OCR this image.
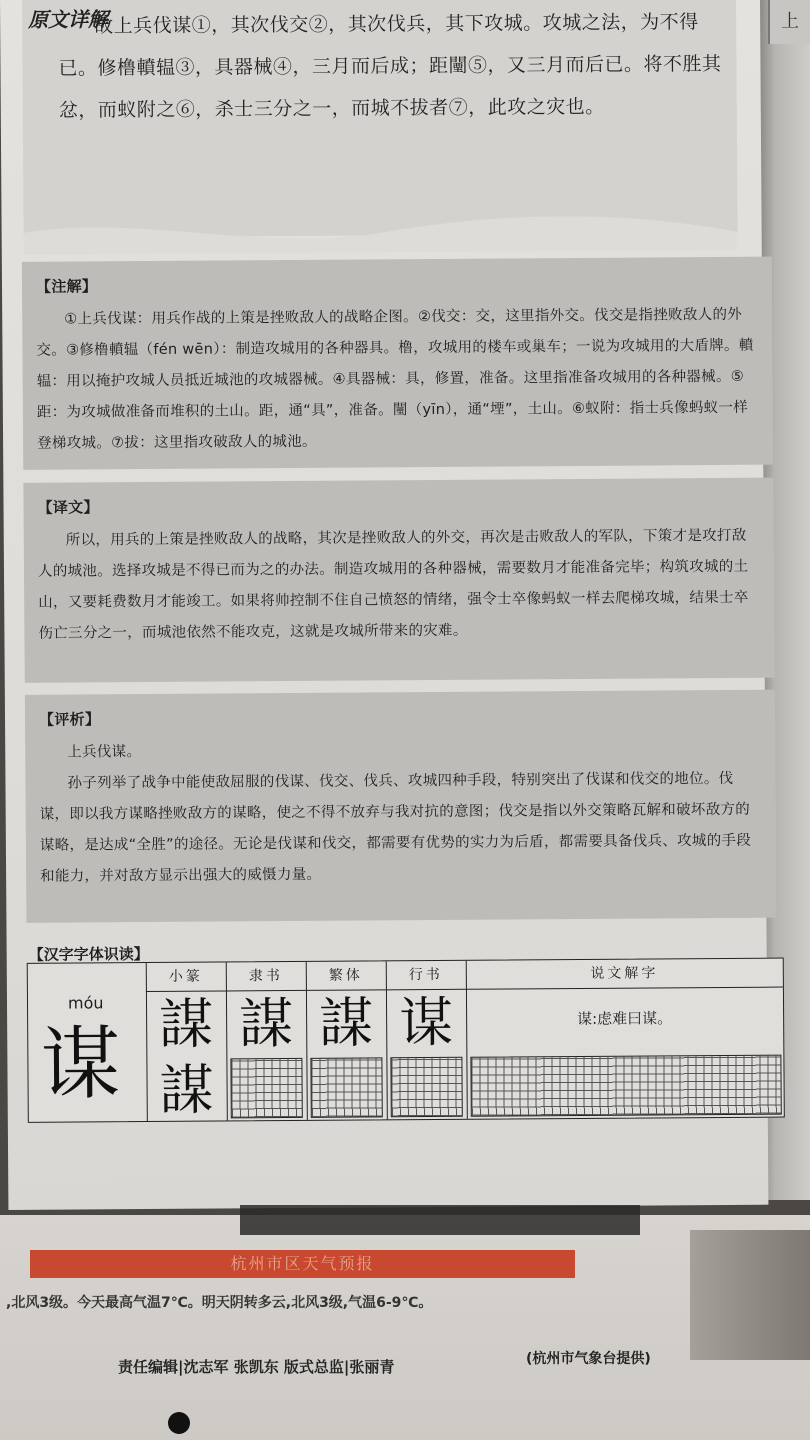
上
故上兵伐谋①，其次伐交②，其次伐兵，其下攻城。攻城之法，为不得已。修橹轒辒③，具器械④，三月而后成；距闉⑤，又三月而后已。将不胜其忿，而蚁附之⑥，杀士三分之一，而城不拔者⑦，此攻之灾也。
原文详解
【注解】

①上兵伐谋：用兵作战的上策是挫败敌人的战略企图。②伐交：交，这里指外交。伐交是指挫败敌人的外交。③修橹轒辒（fén wēn）：制造攻城用的各种器具。橹，攻城用的楼车或巢车；一说为攻城用的大盾牌。轒辒：用以掩护攻城人员抵近城池的攻城器械。④具器械：具，修置，准备。这里指准备攻城用的各种器械。⑤距：为攻城做准备而堆积的土山。距，通“具”，准备。闉（yīn），通“堙”，土山。⑥蚁附：指士兵像蚂蚁一样登梯攻城。⑦拔：这里指攻破敌人的城池。

【译文】

所以，用兵的上策是挫败敌人的战略，其次是挫败敌人的外交，再次是击败敌人的军队，下策才是攻打敌人的城池。选择攻城是不得已而为之的办法。制造攻城用的各种器械，需要数月才能准备完毕；构筑攻城的土山，又要耗费数月才能竣工。如果将帅控制不住自己愤怒的情绪，强令士卒像蚂蚁一样去爬梯攻城，结果士卒伤亡三分之一，而城池依然不能攻克，这就是攻城所带来的灾难。

【评析】

上兵伐谋。

孙子列举了战争中能使敌屈服的伐谋、伐交、伐兵、攻城四种手段，特别突出了伐谋和伐交的地位。伐谋，即以我方谋略挫败敌方的谋略，使之不得不放弃与我对抗的意图；伐交是指以外交策略瓦解和破坏敌方的谋略，是达成“全胜”的途径。无论是伐谋和伐交，都需要有优势的实力为后盾，都需要具备伐兵、攻城的手段和能力，并对敌方显示出强大的威慑力量。

【汉字字体识读】
móu
谋
小篆
謀
謀
隶书
謀
繁体
謀
行书
谋
说文解字
谋:虑难曰谋。
杭州市区天气预报
,北风3级。今天最高气温7℃。明天阴转多云,北风3级,气温6-9℃。
责任编辑|沈志军 张凯东 版式总监|张丽青	(杭州市气象台提供)
